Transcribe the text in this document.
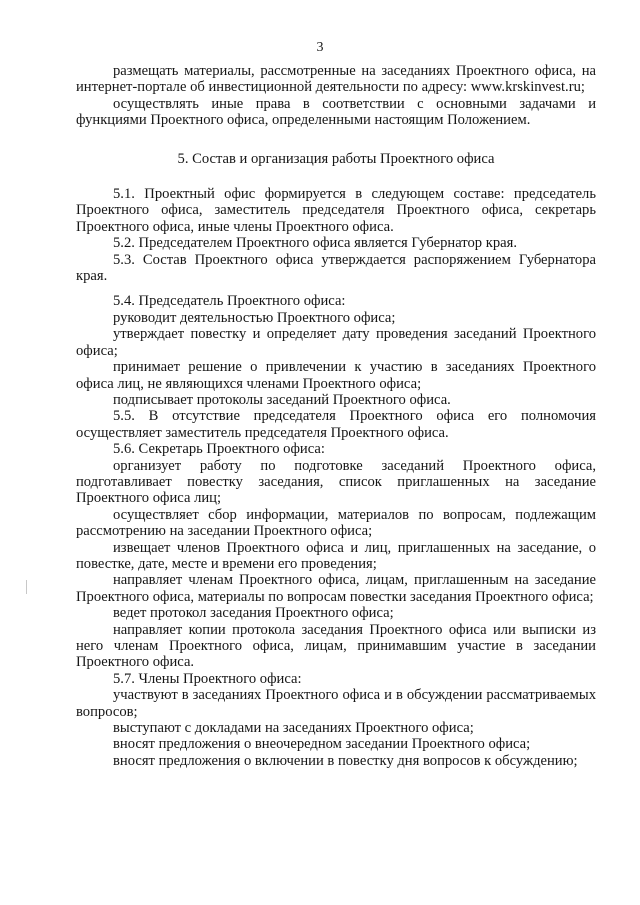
3

размещать материалы, рассмотренные на заседаниях Проектного офиса, на интернет-портале об инвестиционной деятельности по адресу: www.krskinvest.ru;

осуществлять иные права в соответствии с основными задачами и функциями Проектного офиса, определенными настоящим Положением.

5. Состав и организация работы Проектного офиса

5.1. Проектный офис формируется в следующем составе: председатель Проектного офиса, заместитель председателя Проектного офиса, секретарь Проектного офиса, иные члены Проектного офиса.

5.2. Председателем Проектного офиса является Губернатор края.

5.3. Состав Проектного офиса утверждается распоряжением Губернатора края.

5.4. Председатель Проектного офиса:

руководит деятельностью Проектного офиса;

утверждает повестку и определяет дату проведения заседаний Проектного офиса;

принимает решение о привлечении к участию в заседаниях Проектного офиса лиц, не являющихся членами Проектного офиса;

подписывает протоколы заседаний Проектного офиса.

5.5. В отсутствие председателя Проектного офиса его полномочия осуществляет заместитель председателя Проектного офиса.

5.6. Секретарь Проектного офиса:

организует работу по подготовке заседаний Проектного офиса, подготавливает повестку заседания, список приглашенных на заседание Проектного офиса лиц;

осуществляет сбор информации, материалов по вопросам, подлежащим рассмотрению на заседании Проектного офиса;

извещает членов Проектного офиса и лиц, приглашенных на заседание, о повестке, дате, месте и времени его проведения;

направляет членам Проектного офиса, лицам, приглашенным на заседание Проектного офиса, материалы по вопросам повестки заседания Проектного офиса;

ведет протокол заседания Проектного офиса;

направляет копии протокола заседания Проектного офиса или выписки из него членам Проектного офиса, лицам, принимавшим участие в заседании Проектного офиса.

5.7. Члены Проектного офиса:

участвуют в заседаниях Проектного офиса и в обсуждении рассматриваемых вопросов;

выступают с докладами на заседаниях Проектного офиса;

вносят предложения о внеочередном заседании Проектного офиса;

вносят предложения о включении в повестку дня вопросов к обсуждению;
